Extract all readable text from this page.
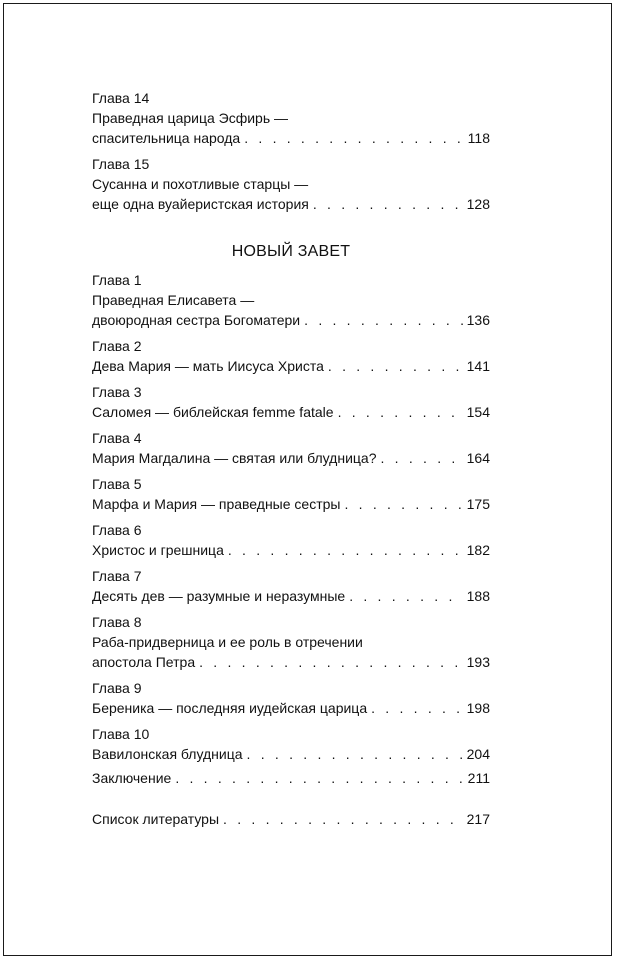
Глава 14
Праведная царица Эсфирь —
спасительница народа . . .	118
Глава 15
Сусанна и похотливые старцы —
еще одна вуайеристская история . . .	128
НОВЫЙ ЗАВЕТ
Глава 1
Праведная Елисавета —
двоюродная сестра Богоматери . . .	136
Глава 2
Дева Мария — мать Иисуса Христа . . .	141
Глава 3
Саломея — библейская femme fatale . . .	154
Глава 4
Мария Магдалина — святая или блудница? . . .	164
Глава 5
Марфа и Мария — праведные сестры . . .	175
Глава 6
Христос и грешница . . .	182
Глава 7
Десять дев — разумные и неразумные . . .	188
Глава 8
Раба-придверница и ее роль в отречении
апостола Петра . . .	193
Глава 9
Береника — последняя иудейская царица . . .	198
Глава 10
Вавилонская блудница . . .	204
Заключение . . .	211
Список литературы . . .	217
